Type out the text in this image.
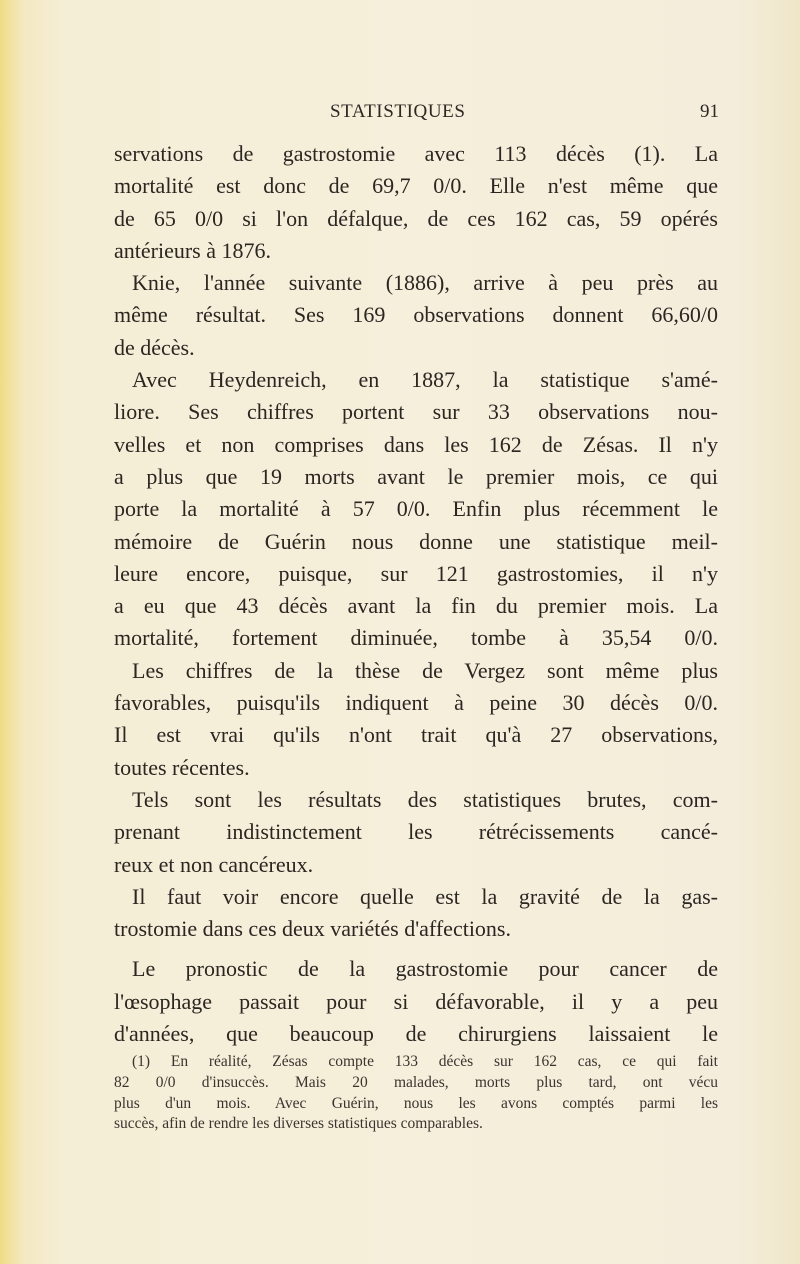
STATISTIQUES	91
servations de gastrostomie avec 113 décès (1). La
mortalité est donc de 69,7 0/0. Elle n'est même que
de 65 0/0 si l'on défalque, de ces 162 cas, 59 opérés
antérieurs à 1876.
Knie, l'année suivante (1886), arrive à peu près au
même résultat. Ses 169 observations donnent 66,60/0
de décès.
Avec Heydenreich, en 1887, la statistique s'amé-
liore. Ses chiffres portent sur 33 observations nou-
velles et non comprises dans les 162 de Zésas. Il n'y
a plus que 19 morts avant le premier mois, ce qui
porte la mortalité à 57 0/0. Enfin plus récemment le
mémoire de Guérin nous donne une statistique meil-
leure encore, puisque, sur 121 gastrostomies, il n'y
a eu que 43 décès avant la fin du premier mois. La
mortalité, fortement diminuée, tombe à 35,54 0/0.
Les chiffres de la thèse de Vergez sont même plus
favorables, puisqu'ils indiquent à peine 30 décès 0/0.
Il est vrai qu'ils n'ont trait qu'à 27 observations,
toutes récentes.
Tels sont les résultats des statistiques brutes, com-
prenant indistinctement les rétrécissements cancé-
reux et non cancéreux.
Il faut voir encore quelle est la gravité de la gas-
trostomie dans ces deux variétés d'affections.
Le pronostic de la gastrostomie pour cancer de
l'œsophage passait pour si défavorable, il y a peu
d'années, que beaucoup de chirurgiens laissaient le
(1) En réalité, Zésas compte 133 décès sur 162 cas, ce qui fait
82 0/0 d'insuccès. Mais 20 malades, morts plus tard, ont vécu
plus d'un mois. Avec Guérin, nous les avons comptés parmi les
succès, afin de rendre les diverses statistiques comparables.
